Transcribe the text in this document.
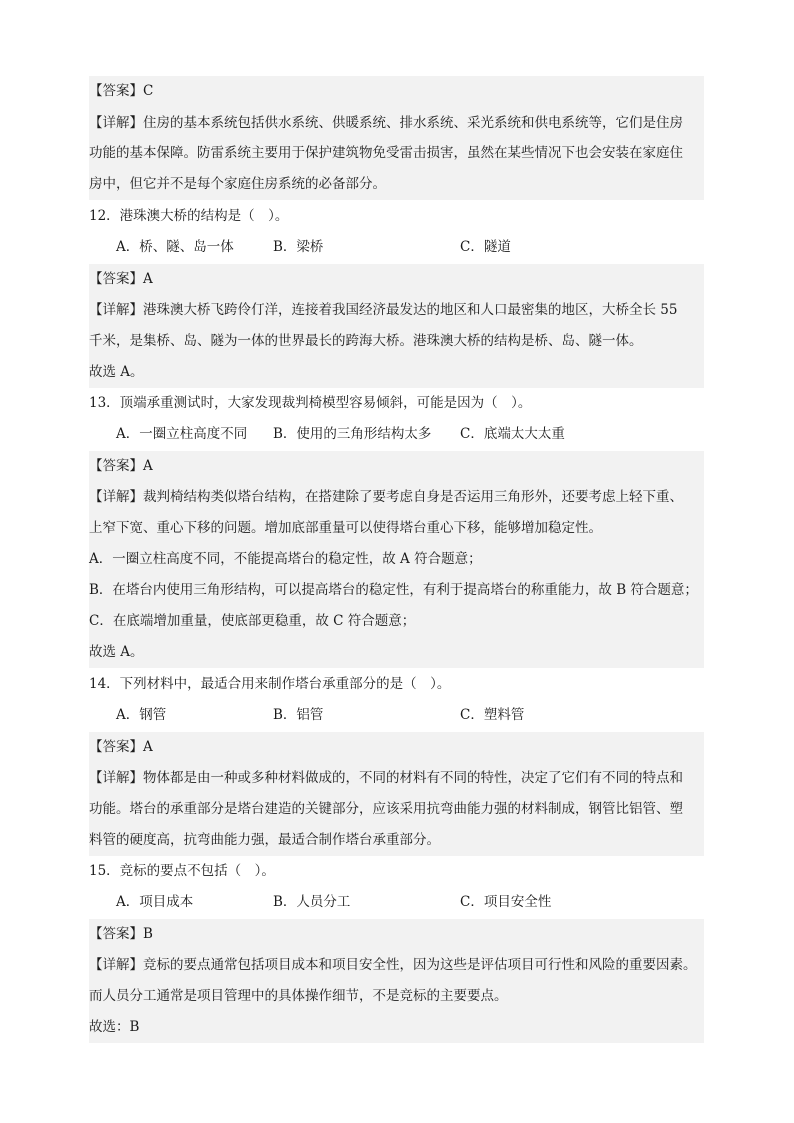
【答案】C
【详解】住房的基本系统包括供水系统、供暖系统、排水系统、采光系统和供电系统等，它们是住房
功能的基本保障。防雷系统主要用于保护建筑物免受雷击损害，虽然在某些情况下也会安装在家庭住
房中，但它并不是每个家庭住房系统的必备部分。
12．港珠澳大桥的结构是（　）。
A．桥、隧、岛一体	B．梁桥	C．隧道
【答案】A
【详解】港珠澳大桥飞跨伶仃洋，连接着我国经济最发达的地区和人口最密集的地区，大桥全长 55
千米，是集桥、岛、隧为一体的世界最长的跨海大桥。港珠澳大桥的结构是桥、岛、隧一体。
故选 A。
13．顶端承重测试时，大家发现裁判椅模型容易倾斜，可能是因为（　）。
A．一圈立柱高度不同 B．使用的三角形结构太多 C．底端太大太重
【答案】A
【详解】裁判椅结构类似塔台结构，在搭建除了要考虑自身是否运用三角形外，还要考虑上轻下重、
上窄下宽、重心下移的问题。增加底部重量可以使得塔台重心下移，能够增加稳定性。
A．一圈立柱高度不同，不能提高塔台的稳定性，故 A 符合题意；
B．在塔台内使用三角形结构，可以提高塔台的稳定性，有利于提高塔台的称重能力，故 B 符合题意；
C．在底端增加重量，使底部更稳重，故 C 符合题意；
故选 A。
14．下列材料中，最适合用来制作塔台承重部分的是（　）。
A．钢管	B．铝管	C．塑料管
【答案】A
【详解】物体都是由一种或多种材料做成的，不同的材料有不同的特性，决定了它们有不同的特点和
功能。塔台的承重部分是塔台建造的关键部分，应该采用抗弯曲能力强的材料制成，钢管比铝管、塑
料管的硬度高，抗弯曲能力强，最适合制作塔台承重部分。
15．竞标的要点不包括（　）。
A．项目成本	B．人员分工	C．项目安全性
【答案】B
【详解】竞标的要点通常包括项目成本和项目安全性，因为这些是评估项目可行性和风险的重要因素。
而人员分工通常是项目管理中的具体操作细节，不是竞标的主要要点。
故选：B
